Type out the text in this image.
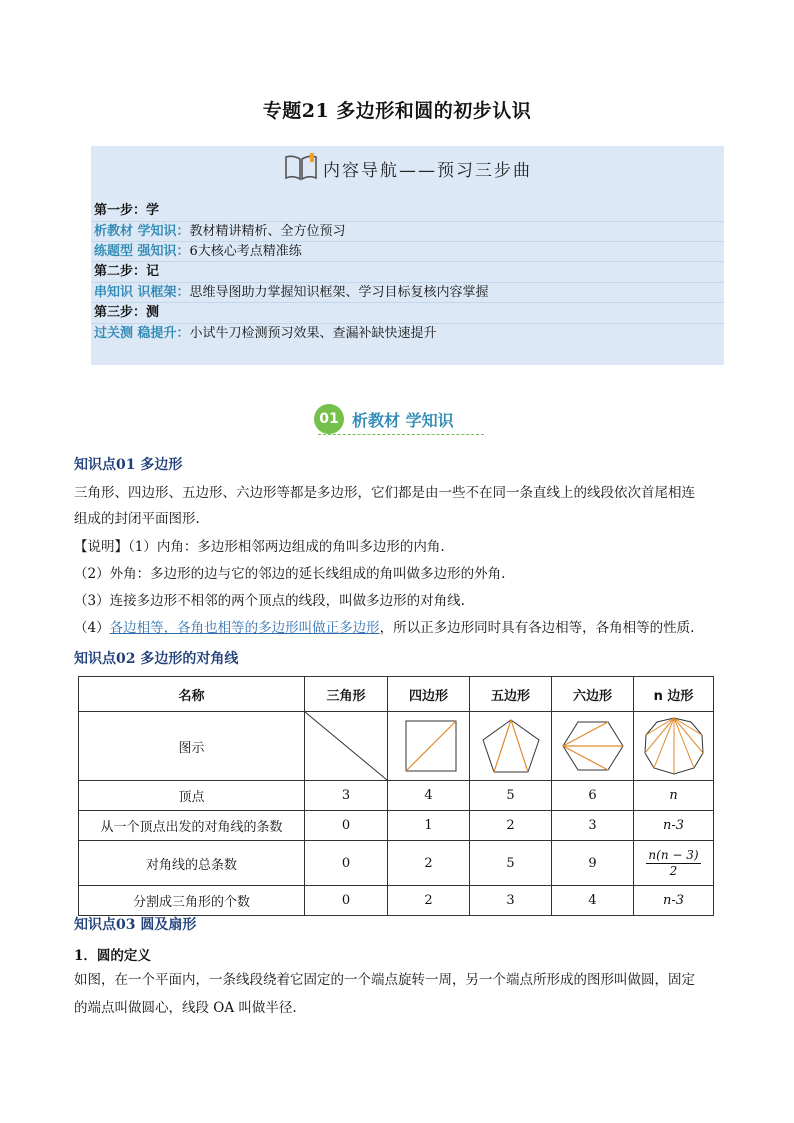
专题21 多边形和圆的初步认识
内容导航——预习三步曲
第一步：学
析教材 学知识：教材精讲精析、全方位预习
练题型 强知识：6大核心考点精准练
第二步：记
串知识 识框架：思维导图助力掌握知识框架、学习目标复核内容掌握
第三步：测
过关测 稳提升：小试牛刀检测预习效果、查漏补缺快速提升
01 析教材 学知识
知识点01 多边形
三角形、四边形、五边形、六边形等都是多边形，它们都是由一些不在同一条直线上的线段依次首尾相连
组成的封闭平面图形.
【说明】（1）内角：多边形相邻两边组成的角叫多边形的内角.
（2）外角：多边形的边与它的邻边的延长线组成的角叫做多边形的外角.
（3）连接多边形不相邻的两个顶点的线段，叫做多边形的对角线.
（4）各边相等，各角也相等的多边形叫做正多边形，所以正多边形同时具有各边相等，各角相等的性质.
知识点02 多边形的对角线
名称	三角形	四边形	五边形	六边形	n 边形
图示	

顶点	3	4	5	6	n
从一个顶点出发的对角线的条数	0	1	2	3	n-3
对角线的总条数	0	2	5	9	$\frac{n(n - 3)}{2}$

分割成三角形的个数	0	2	3	4	n-3
知识点03 圆及扇形
1．圆的定义
如图，在一个平面内，一条线段绕着它固定的一个端点旋转一周，另一个端点所形成的图形叫做圆，固定
的端点叫做圆心，线段 OA 叫做半径.
